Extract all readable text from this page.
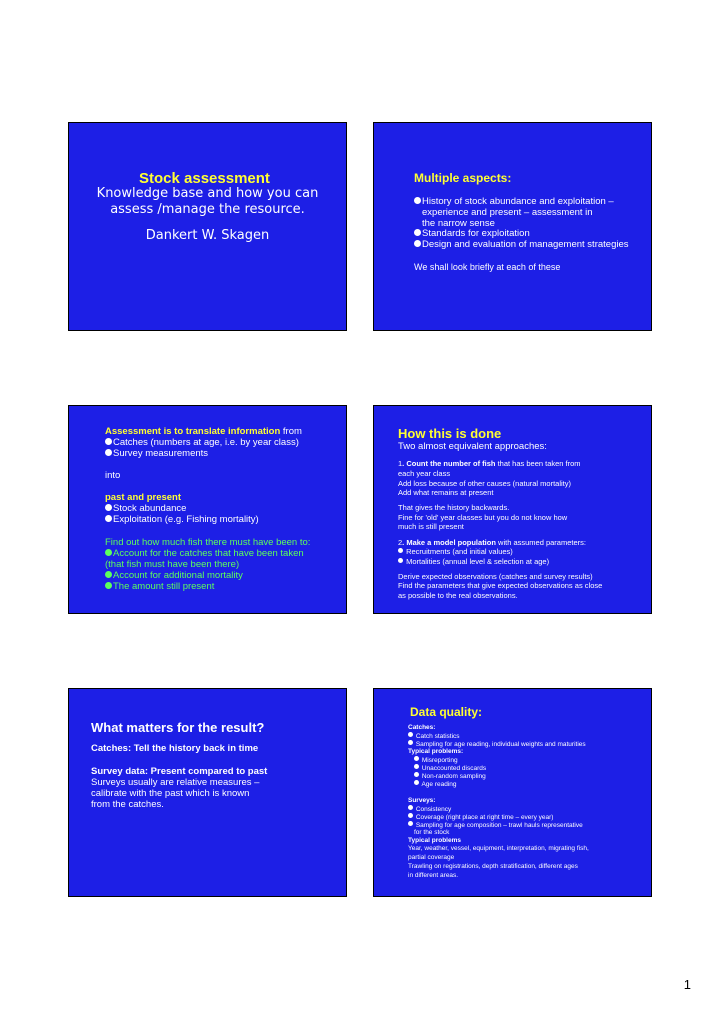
Stock assessment
Knowledge base and how you can
assess /manage the resource.
Dankert W. Skagen
Multiple aspects:
History of stock abundance and exploitation –
experience and present – assessment in
the narrow sense
Standards for exploitation
Design and evaluation of management strategies
We shall look briefly at each of these
Assessment is to translate information from
Catches (numbers at age, i.e. by year class)
Survey measurements
into
past and present
Stock abundance
Exploitation (e.g. Fishing mortality)
Find out how much fish there must have been to:
Account for the catches that have been taken
(that fish must have been there)
Account for additional mortality
The amount still present
How this is done
Two almost equivalent approaches:
1. Count the number of fish that has been taken from
each year class
Add loss because of other causes (natural mortality)
Add what remains at present
That gives the history backwards.
Fine for 'old' year classes but you do not know how
much is still present
2. Make a model population with assumed parameters:
Recruitments (and initial values)
Mortalities (annual level & selection at age)
Derive expected observations (catches and survey results)
Find the parameters that give expected observations as close
as possible to the real observations.
What matters for the result?
Catches: Tell the history back in time
Survey data: Present compared to past
Surveys usually are relative measures –
calibrate with the past which is known
from the catches.
Data quality:
Catches:
Catch statistics
Sampling for age reading, individual weights and maturities
Typical problems:
Misreporting
Unaccounted discards
Non-random sampling
Age reading
Surveys:
Consistency
Coverage (right place at right time – every year)
Sampling for age composition – trawl hauls representative
for the stock
Typical problems
Year, weather, vessel, equipment, interpretation, migrating fish,
partial coverage
Trawling on registrations, depth stratification, different ages
in different areas.
1
